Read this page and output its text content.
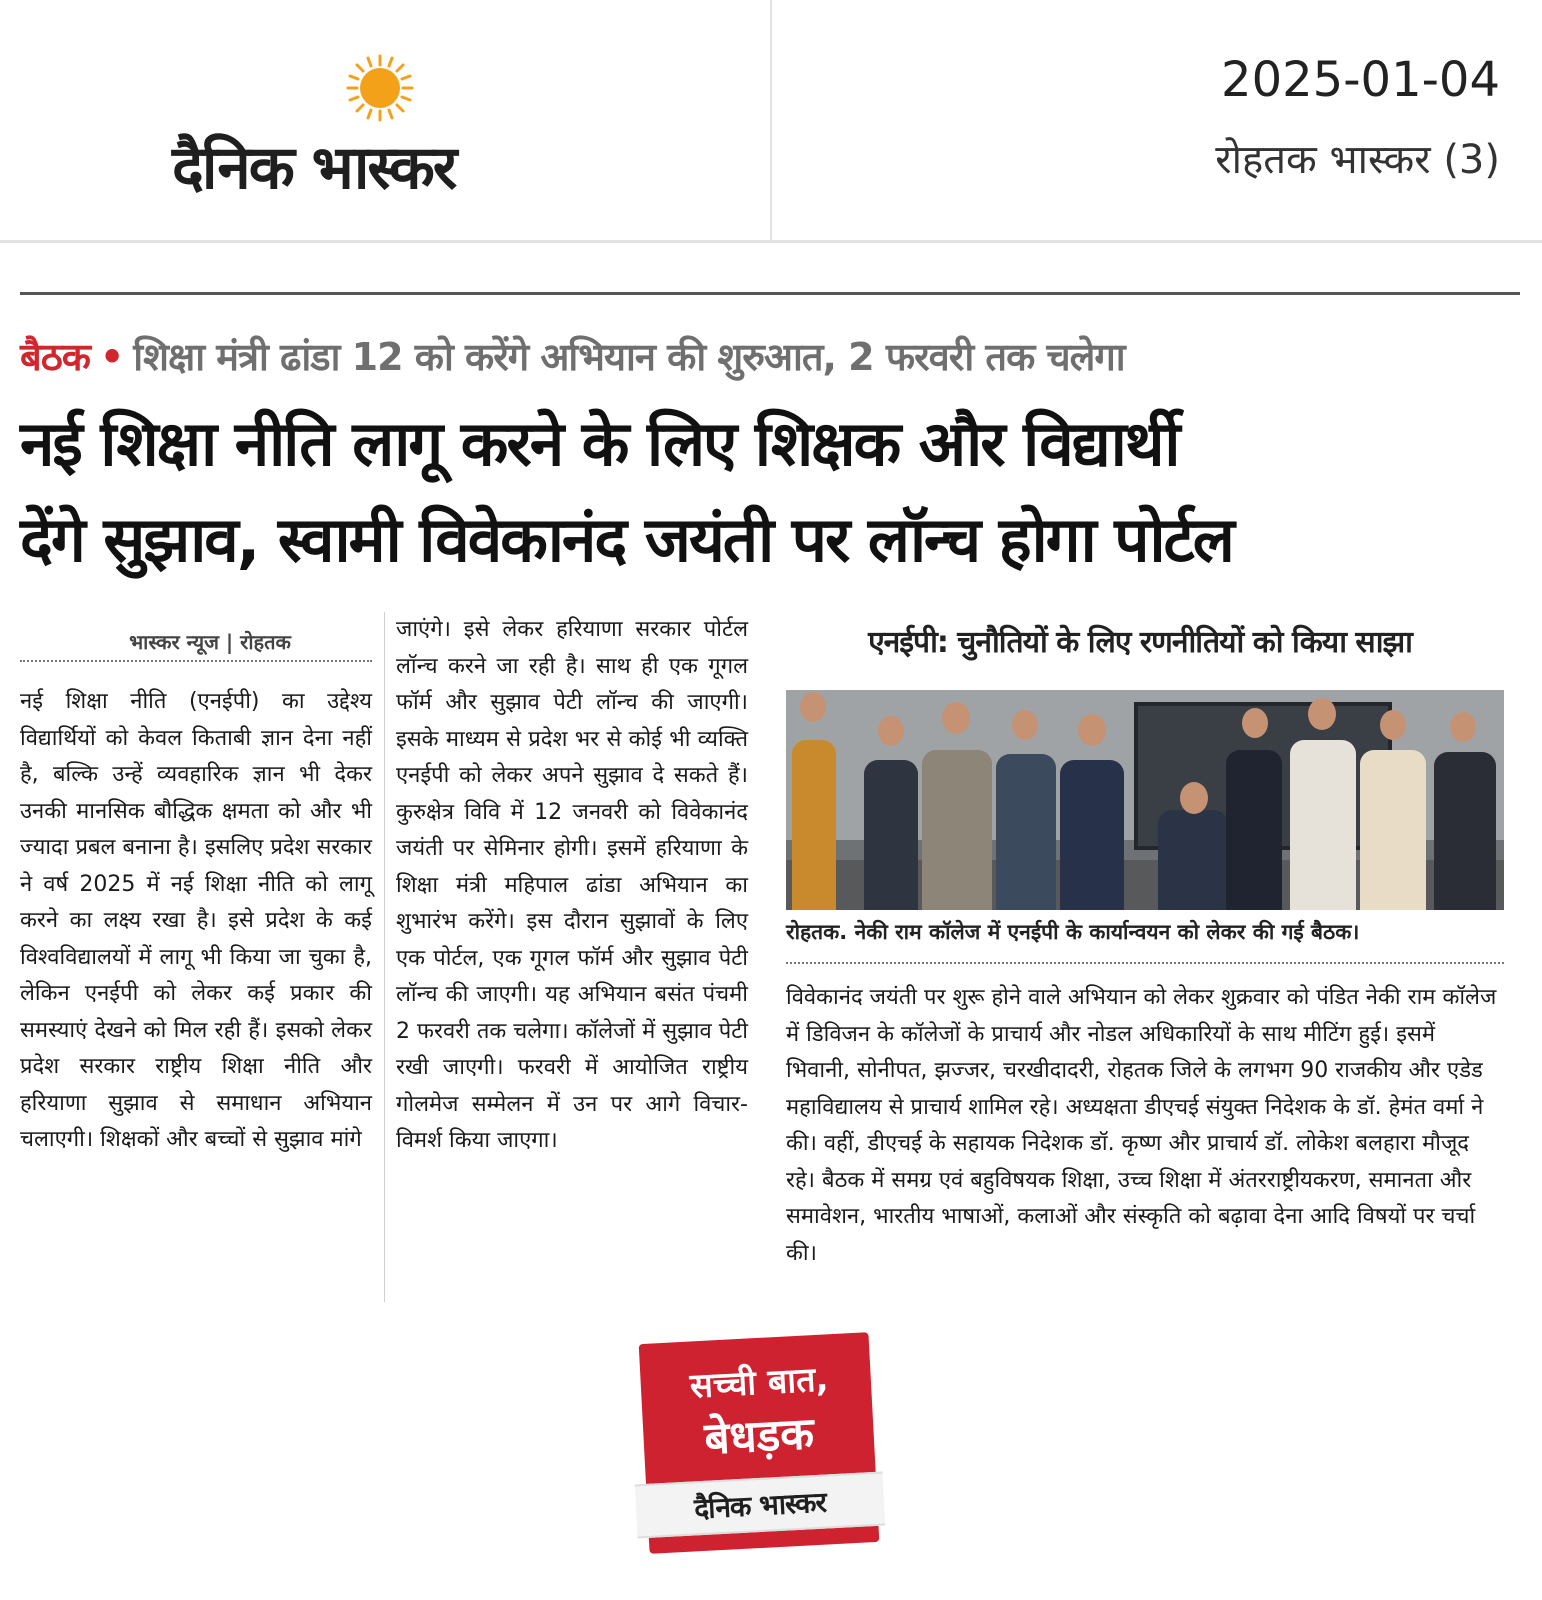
दैनिक भास्कर
2025-01-04
रोहतक भास्कर (3)
बैठक • शिक्षा मंत्री ढांडा 12 को करेंगे अभियान की शुरुआत, 2 फरवरी तक चलेगा
नई शिक्षा नीति लागू करने के लिए शिक्षक और विद्यार्थी
देंगे सुझाव, स्वामी विवेकानंद जयंती पर लॉन्च होगा पोर्टल
भास्कर न्यूज | रोहतक
नई शिक्षा नीति (एनईपी) का उद्देश्य विद्यार्थियों को केवल किताबी ज्ञान देना नहीं है, बल्कि उन्हें व्यवहारिक ज्ञान भी देकर उनकी मानसिक बौद्धिक क्षमता को और भी ज्यादा प्रबल बनाना है। इसलिए प्रदेश सरकार ने वर्ष 2025 में नई शिक्षा नीति को लागू करने का लक्ष्य रखा है। इसे प्रदेश के कई विश्वविद्यालयों में लागू भी किया जा चुका है, लेकिन एनईपी को लेकर कई प्रकार की समस्याएं देखने को मिल रही हैं। इसको लेकर प्रदेश सरकार राष्ट्रीय शिक्षा नीति और हरियाणा सुझाव से समाधान अभियान चलाएगी। शिक्षकों और बच्चों से सुझाव मांगे
जाएंगे। इसे लेकर हरियाणा सरकार पोर्टल लॉन्च करने जा रही है। साथ ही एक गूगल फॉर्म और सुझाव पेटी लॉन्च की जाएगी। इसके माध्यम से प्रदेश भर से कोई भी व्यक्ति एनईपी को लेकर अपने सुझाव दे सकते हैं। कुरुक्षेत्र विवि में 12 जनवरी को विवेकानंद जयंती पर सेमिनार होगी। इसमें हरियाणा के शिक्षा मंत्री महिपाल ढांडा अभियान का शुभारंभ करेंगे। इस दौरान सुझावों के लिए एक पोर्टल, एक गूगल फॉर्म और सुझाव पेटी लॉन्च की जाएगी। यह अभियान बसंत पंचमी 2 फरवरी तक चलेगा। कॉलेजों में सुझाव पेटी रखी जाएगी। फरवरी में आयोजित राष्ट्रीय गोलमेज सम्मेलन में उन पर आगे विचार-विमर्श किया जाएगा।
एनईपी: चुनौतियों के लिए रणनीतियों को किया साझा
रोहतक. नेकी राम कॉलेज में एनईपी के कार्यान्वयन को लेकर की गई बैठक।
विवेकानंद जयंती पर शुरू होने वाले अभियान को लेकर शुक्रवार को पंडित नेकी राम कॉलेज में डिविजन के कॉलेजों के प्राचार्य और नोडल अधिकारियों के साथ मीटिंग हुई। इसमें भिवानी, सोनीपत, झज्जर, चरखीदादरी, रोहतक जिले के लगभग 90 राजकीय और एडेड महाविद्यालय से प्राचार्य शामिल रहे। अध्यक्षता डीएचई संयुक्त निदेशक के डॉ. हेमंत वर्मा ने की। वहीं, डीएचई के सहायक निदेशक डॉ. कृष्ण और प्राचार्य डॉ. लोकेश बलहारा मौजूद रहे। बैठक में समग्र एवं बहुविषयक शिक्षा, उच्च शिक्षा में अंतरराष्ट्रीयकरण, समानता और समावेशन, भारतीय भाषाओं, कलाओं और संस्कृति को बढ़ावा देना आदि विषयों पर चर्चा की।
सच्ची बात,
बेधड़क
दैनिक भास्कर
